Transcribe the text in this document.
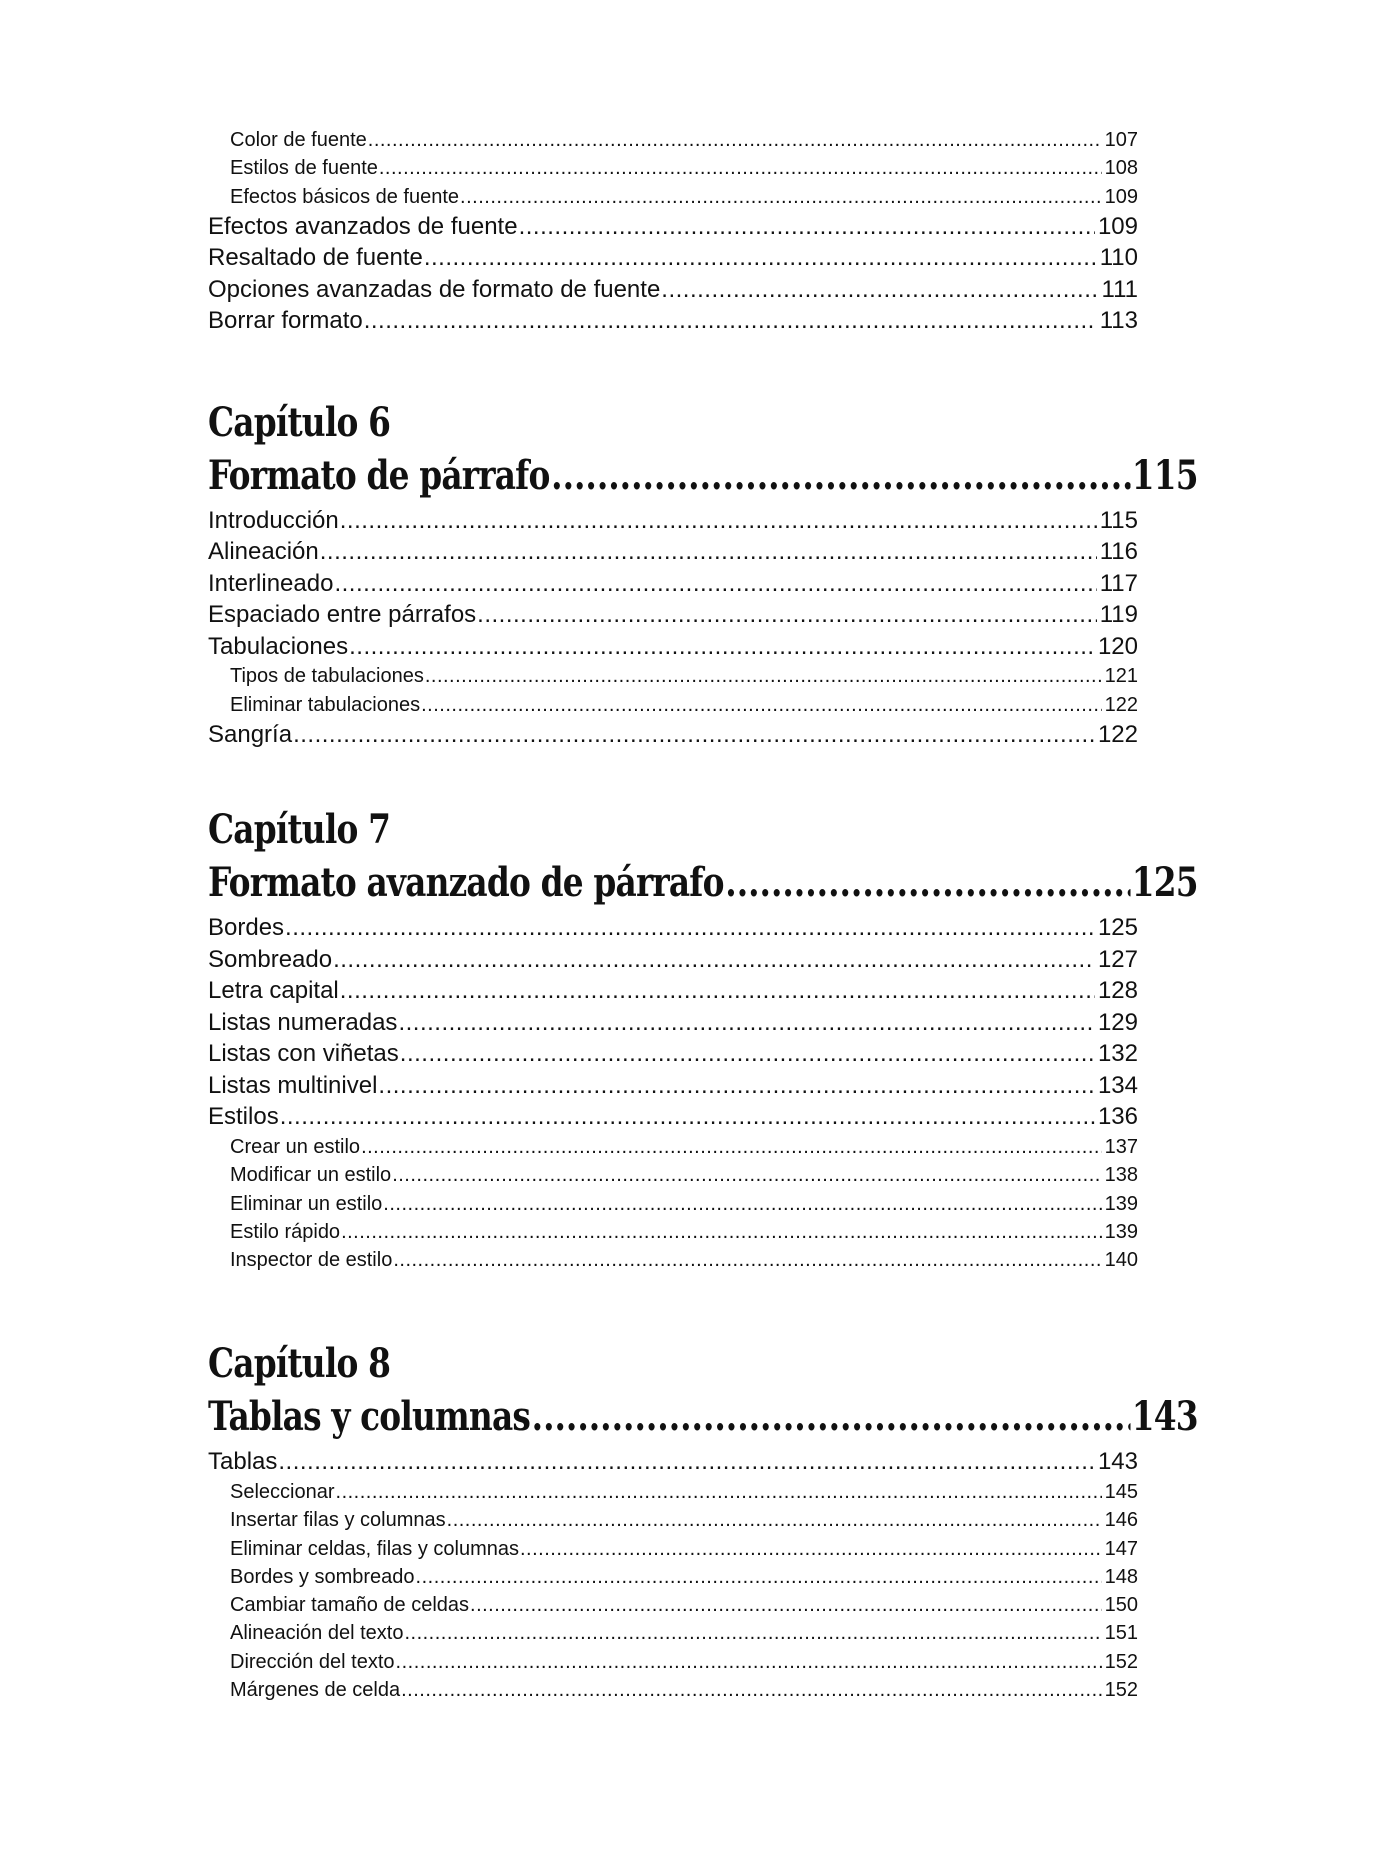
Color de fuente .....	107
Estilos de fuente .....	108
Efectos básicos de fuente .....	109
Efectos avanzados de fuente .....	109
Resaltado de fuente .....	110
Opciones avanzadas de formato de fuente .....	111
Borrar formato .....	113
Capítulo 6
Formato de párrafo .....	115
Introducción .....	115
Alineación .....	116
Interlineado .....	117
Espaciado entre párrafos .....	119
Tabulaciones .....	120
Tipos de tabulaciones .....	121
Eliminar tabulaciones .....	122
Sangría .....	122
Capítulo 7
Formato avanzado de párrafo .....	125
Bordes .....	125
Sombreado .....	127
Letra capital .....	128
Listas numeradas .....	129
Listas con viñetas .....	132
Listas multinivel .....	134
Estilos .....	136
Crear un estilo .....	137
Modificar un estilo .....	138
Eliminar un estilo .....	139
Estilo rápido .....	139
Inspector de estilo .....	140
Capítulo 8
Tablas y columnas .....	143
Tablas .....	143
Seleccionar .....	145
Insertar filas y columnas .....	146
Eliminar celdas, filas y columnas .....	147
Bordes y sombreado .....	148
Cambiar tamaño de celdas .....	150
Alineación del texto .....	151
Dirección del texto .....	152
Márgenes de celda .....	152
